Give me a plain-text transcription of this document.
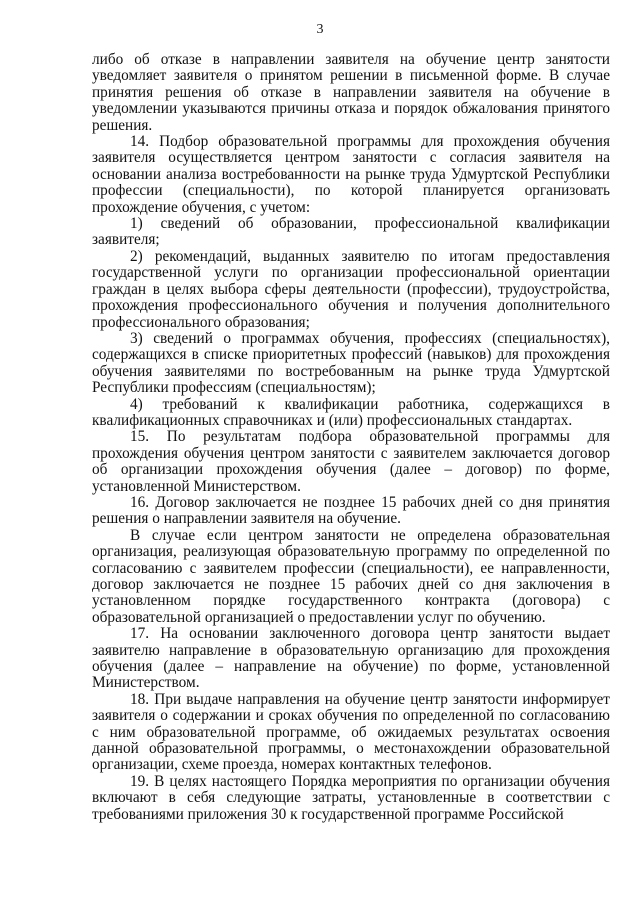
3

либо об отказе в направлении заявителя на обучение центр занятости уведомляет заявителя о принятом решении в письменной форме. В случае принятия решения об отказе в направлении заявителя на обучение в уведомлении указываются причины отказа и порядок обжалования принятого решения.

14. Подбор образовательной программы для прохождения обучения заявителя осуществляется центром занятости с согласия заявителя на основании анализа востребованности на рынке труда Удмуртской Республики профессии (специальности), по которой планируется организовать прохождение обучения, с учетом:

1) сведений об образовании, профессиональной квалификации заявителя;

2) рекомендаций, выданных заявителю по итогам предоставления государственной услуги по организации профессиональной ориентации граждан в целях выбора сферы деятельности (профессии), трудоустройства, прохождения профессионального обучения и получения дополнительного профессионального образования;

3) сведений о программах обучения, профессиях (специальностях), содержащихся в списке приоритетных профессий (навыков) для прохождения обучения заявителями по востребованным на рынке труда Удмуртской Республики профессиям (специальностям);

4) требований к квалификации работника, содержащихся в квалификационных справочниках и (или) профессиональных стандартах.

15. По результатам подбора образовательной программы для прохождения обучения центром занятости с заявителем заключается договор об организации прохождения обучения (далее – договор) по форме, установленной Министерством.

16. Договор заключается не позднее 15 рабочих дней со дня принятия решения о направлении заявителя на обучение.

В случае если центром занятости не определена образовательная организация, реализующая образовательную программу по определенной по согласованию с заявителем профессии (специальности), ее направленности, договор заключается не позднее 15 рабочих дней со дня заключения в установленном порядке государственного контракта (договора) с образовательной организацией о предоставлении услуг по обучению.

17. На основании заключенного договора центр занятости выдает заявителю направление в образовательную организацию для прохождения обучения (далее – направление на обучение) по форме, установленной Министерством.

18. При выдаче направления на обучение центр занятости информирует заявителя о содержании и сроках обучения по определенной по согласованию с ним образовательной программе, об ожидаемых результатах освоения данной образовательной программы, о местонахождении образовательной организации, схеме проезда, номерах контактных телефонов.

19. В целях настоящего Порядка мероприятия по организации обучения включают в себя следующие затраты, установленные в соответствии с требованиями приложения 30 к государственной программе Российской
